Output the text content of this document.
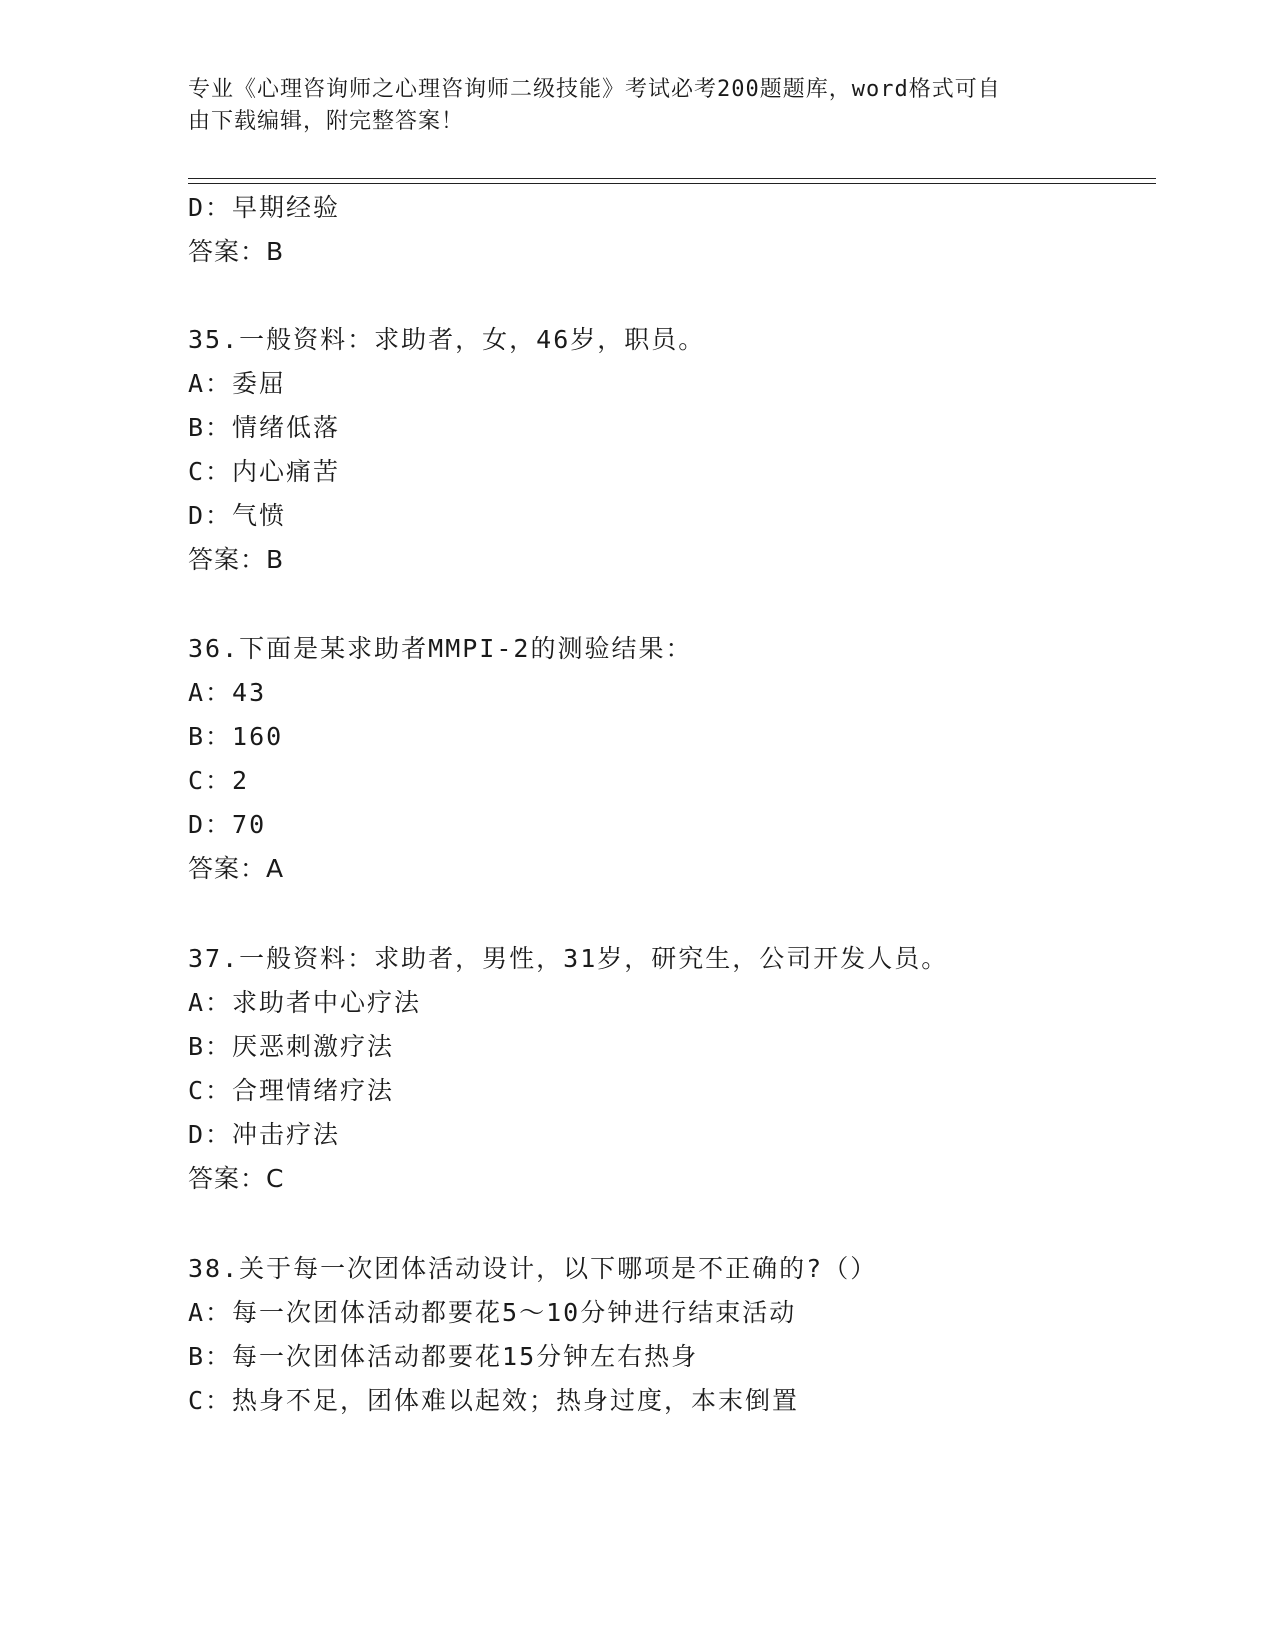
专业《心理咨询师之心理咨询师二级技能》考试必考200题题库，word格式可自
由下载编辑，附完整答案！
D：早期经验
答案：B
35.一般资料：求助者，女，46岁，职员。
A：委屈
B：情绪低落
C：内心痛苦
D：气愤
答案：B
36.下面是某求助者MMPI-2的测验结果：
A：43
B：160
C：2
D：70
答案：A
37.一般资料：求助者，男性，31岁，研究生，公司开发人员。
A：求助者中心疗法
B：厌恶刺激疗法
C：合理情绪疗法
D：冲击疗法
答案：C
38.关于每一次团体活动设计，以下哪项是不正确的?（）
A：每一次团体活动都要花5～10分钟进行结束活动
B：每一次团体活动都要花15分钟左右热身
C：热身不足，团体难以起效；热身过度，本末倒置
